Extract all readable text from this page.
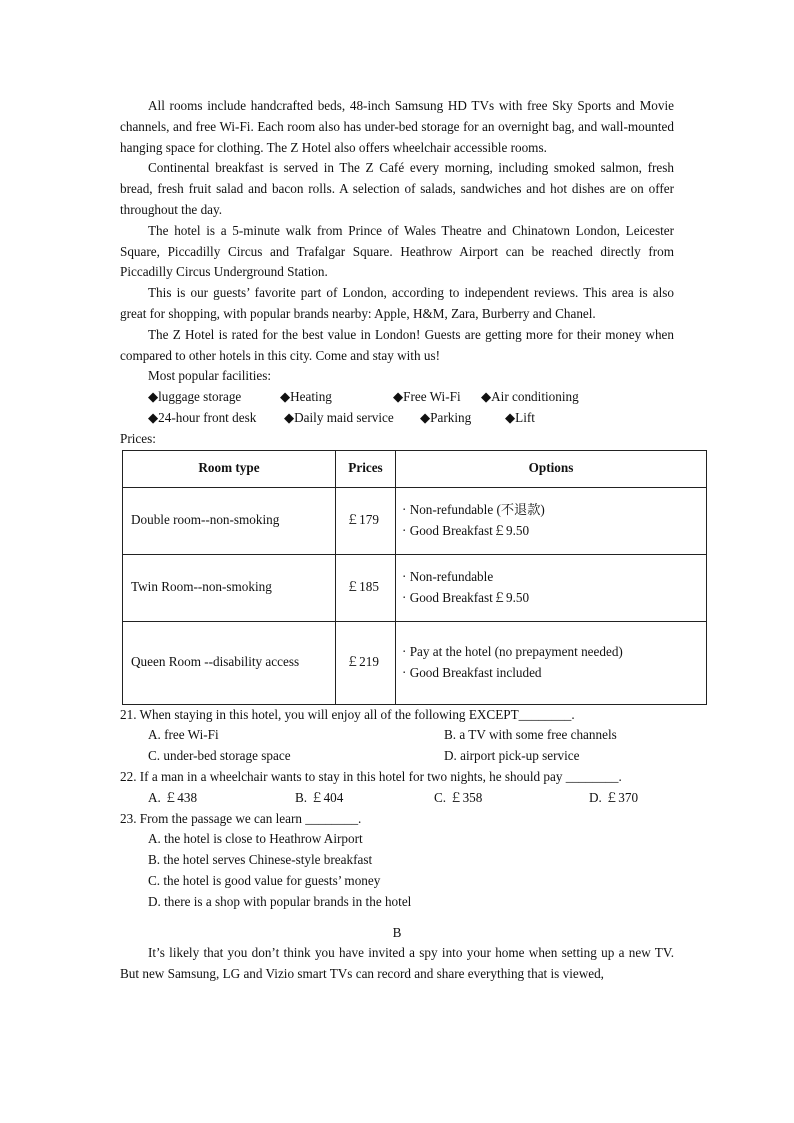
All rooms include handcrafted beds, 48-inch Samsung HD TVs with free Sky Sports and Movie channels, and free Wi-Fi. Each room also has under-bed storage for an overnight bag, and wall-mounted hanging space for clothing. The Z Hotel also offers wheelchair accessible rooms.

Continental breakfast is served in The Z Café every morning, including smoked salmon, fresh bread, fresh fruit salad and bacon rolls. A selection of salads, sandwiches and hot dishes are on offer throughout the day.

The hotel is a 5-minute walk from Prince of Wales Theatre and Chinatown London, Leicester Square, Piccadilly Circus and Trafalgar Square. Heathrow Airport can be reached directly from Piccadilly Circus Underground Station.

This is our guests’ favorite part of London, according to independent reviews. This area is also great for shopping, with popular brands nearby: Apple, H&M, Zara, Burberry and Chanel.

The Z Hotel is rated for the best value in London! Guests are getting more for their money when compared to other hotels in this city. Come and stay with us!

Most popular facilities:
◆luggage storage	◆Heating	◆Free Wi-Fi	◆Air conditioning
◆24-hour front desk	◆Daily maid service	◆Parking	◆Lift
Prices:
Room type	Prices	Options
Double room--non-smoking	￡179	· Non-refundable (不退款)
· Good Breakfast￡9.50

Twin Room--non-smoking	￡185	· Non-refundable
· Good Breakfast￡9.50

Queen Room --disability access	￡219	· Pay at the hotel (no prepayment needed)
· Good Breakfast included
21. When staying in this hotel, you will enjoy all of the following EXCEPT________.
A. free Wi-Fi	B. a TV with some free channels
C. under-bed storage space	D. airport pick-up service
22. If a man in a wheelchair wants to stay in this hotel for two nights, he should pay ________.
A. ￡438	B. ￡404	C. ￡358	D. ￡370
23. From the passage we can learn ________.
A. the hotel is close to Heathrow Airport
B. the hotel serves Chinese-style breakfast
C. the hotel is good value for guests’ money
D. there is a shop with popular brands in the hotel
B

It’s likely that you don’t think you have invited a spy into your home when setting up a new TV. But new Samsung, LG and Vizio smart TVs can record and share everything that is viewed,
